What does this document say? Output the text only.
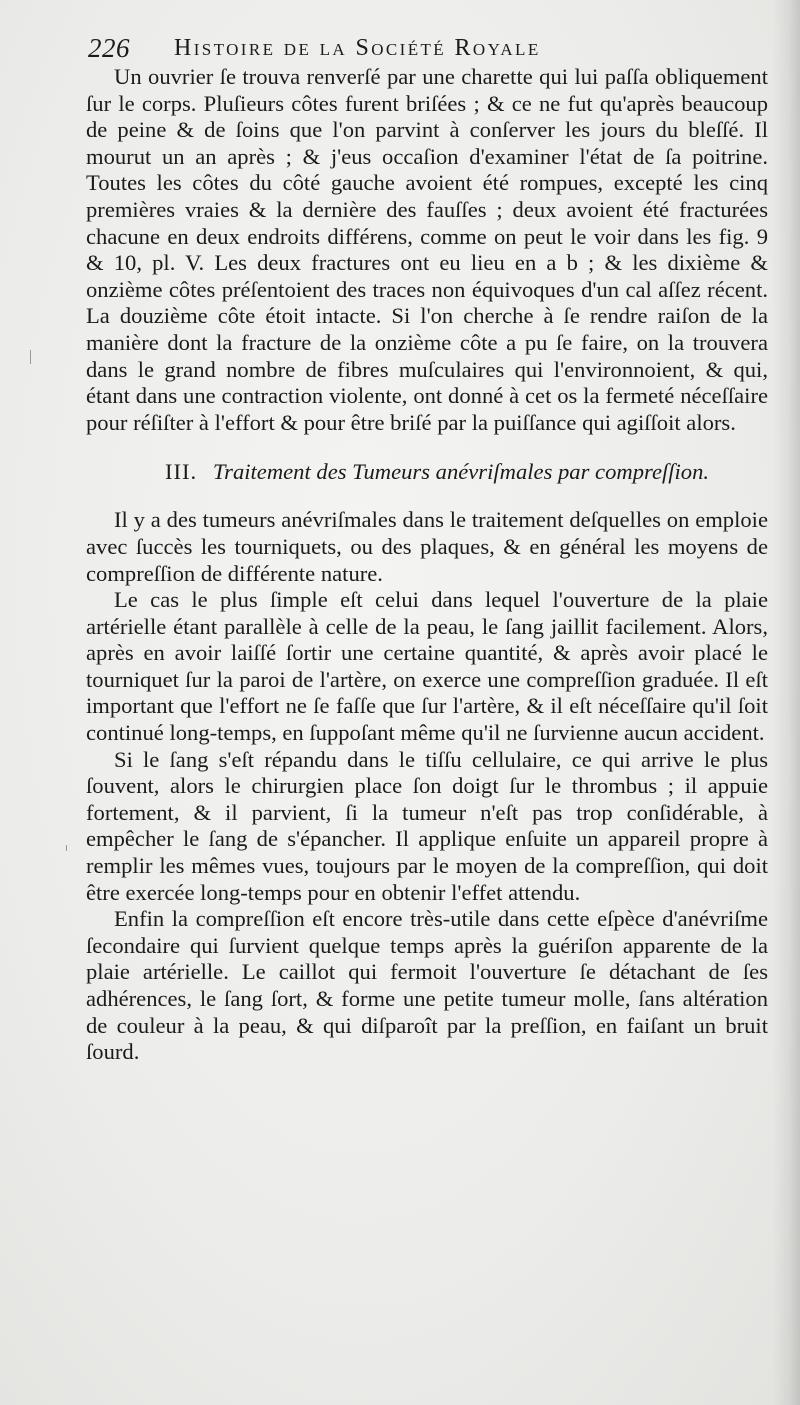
226 Histoire de la Société Royale

Un ouvrier ſe trouva renverſé par une charette qui lui paſſa obliquement ſur le corps. Pluſieurs côtes furent briſées ; & ce ne fut qu'après beaucoup de peine & de ſoins que l'on parvint à conſerver les jours du bleſſé. Il mourut un an après ; & j'eus occaſion d'examiner l'état de ſa poitrine. Toutes les côtes du côté gauche avoient été rompues, excepté les cinq premières vraies & la dernière des fauſſes ; deux avoient été fracturées chacune en deux endroits différens, comme on peut le voir dans les fig. 9 & 10, pl. V. Les deux fractures ont eu lieu en a b ; & les dixième & onzième côtes préſentoient des traces non équivoques d'un cal aſſez récent. La douzième côte étoit intacte. Si l'on cherche à ſe rendre raiſon de la manière dont la fracture de la onzième côte a pu ſe faire, on la trouvera dans le grand nombre de fibres muſculaires qui l'environnoient, & qui, étant dans une contraction violente, ont donné à cet os la fermeté néceſſaire pour réſiſter à l'effort & pour être briſé par la puiſſance qui agiſſoit alors.

III. Traitement des Tumeurs anévriſmales par compreſſion.

Il y a des tumeurs anévriſmales dans le traitement deſquelles on emploie avec ſuccès les tourniquets, ou des plaques, & en général les moyens de compreſſion de différente nature.

Le cas le plus ſimple eſt celui dans lequel l'ouverture de la plaie artérielle étant parallèle à celle de la peau, le ſang jaillit facilement. Alors, après en avoir laiſſé ſortir une certaine quantité, & après avoir placé le tourniquet ſur la paroi de l'artère, on exerce une compreſſion graduée. Il eſt important que l'effort ne ſe faſſe que ſur l'artère, & il eſt néceſſaire qu'il ſoit continué long-temps, en ſuppoſant même qu'il ne ſurvienne aucun accident.

Si le ſang s'eſt répandu dans le tiſſu cellulaire, ce qui arrive le plus ſouvent, alors le chirurgien place ſon doigt ſur le thrombus ; il appuie fortement, & il parvient, ſi la tumeur n'eſt pas trop conſidérable, à empêcher le ſang de s'épancher. Il applique enſuite un appareil propre à remplir les mêmes vues, toujours par le moyen de la compreſſion, qui doit être exercée long-temps pour en obtenir l'effet attendu.

Enfin la compreſſion eſt encore très-utile dans cette eſpèce d'anévriſme ſecondaire qui ſurvient quelque temps après la guériſon apparente de la plaie artérielle. Le caillot qui fermoit l'ouverture ſe détachant de ſes adhérences, le ſang ſort, & forme une petite tumeur molle, ſans altération de couleur à la peau, & qui diſparoît par la preſſion, en faiſant un bruit ſourd.
